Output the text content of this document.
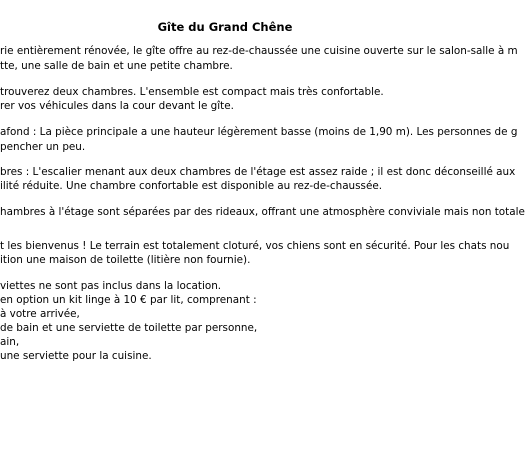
Gîte du Grand Chêne
rie entièrement rénovée, le gîte offre au rez-de-chaussée une cuisine ouverte sur le salon-salle à m
tte, une salle de bain et une petite chambre.
trouverez deux chambres. L'ensemble est compact mais très confortable.
rer vos véhicules dans la cour devant le gîte.
afond : La pièce principale a une hauteur légèrement basse (moins de 1,90 m). Les personnes de g
pencher un peu.
bres : L'escalier menant aux deux chambres de l'étage est assez raide ; il est donc déconseillé aux
ilité réduite. Une chambre confortable est disponible au rez-de-chaussée.
hambres à l'étage sont séparées par des rideaux, offrant une atmosphère conviviale mais non totale
t les bienvenus ! Le terrain est totalement cloturé, vos chiens sont en sécurité. Pour les chats nou
ition une maison de toilette (litière non fournie).
viettes ne sont pas inclus dans la location.
en option un kit linge à 10 € par lit, comprenant :
à votre arrivée,
de bain et une serviette de toilette par personne,
ain,
une serviette pour la cuisine.
